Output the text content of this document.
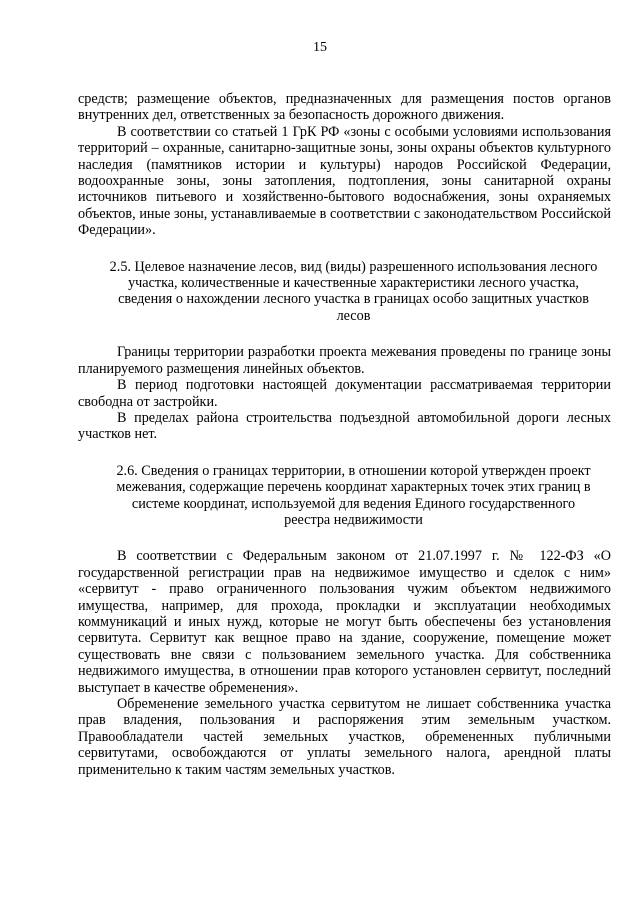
15

средств; размещение объектов, предназначенных для размещения постов органов внутренних дел, ответственных за безопасность дорожного движения.

В соответствии со статьей 1 ГрК РФ «зоны с особыми условиями использования территорий – охранные, санитарно-защитные зоны, зоны охраны объектов культурного наследия (памятников истории и культуры) народов Российской Федерации, водоохранные зоны, зоны затопления, подтопления, зоны санитарной охраны источников питьевого и хозяйственно-бытового водоснабжения, зоны охраняемых объектов, иные зоны, устанавливаемые в соответствии с законодательством Российской Федерации».

2.5. Целевое назначение лесов, вид (виды) разрешенного использования лесного участка, количественные и качественные характеристики лесного участка, сведения о нахождении лесного участка в границах особо защитных участков лесов

Границы территории разработки проекта межевания проведены по границе зоны планируемого размещения линейных объектов.

В период подготовки настоящей документации рассматриваемая территории свободна от застройки.

В пределах района строительства подъездной автомобильной дороги лесных участков нет.

2.6. Сведения о границах территории, в отношении которой утвержден проект межевания, содержащие перечень координат характерных точек этих границ в системе координат, используемой для ведения Единого государственного реестра недвижимости

В соответствии с Федеральным законом от 21.07.1997 г. № 122-ФЗ «О государственной регистрации прав на недвижимое имущество и сделок с ним» «сервитут - право ограниченного пользования чужим объектом недвижимого имущества, например, для прохода, прокладки и эксплуатации необходимых коммуникаций и иных нужд, которые не могут быть обеспечены без установления сервитута. Сервитут как вещное право на здание, сооружение, помещение может существовать вне связи с пользованием земельного участка. Для собственника недвижимого имущества, в отношении прав которого установлен сервитут, последний выступает в качестве обременения».

Обременение земельного участка сервитутом не лишает собственника участка прав владения, пользования и распоряжения этим земельным участком. Правообладатели частей земельных участков, обремененных публичными сервитутами, освобождаются от уплаты земельного налога, арендной платы применительно к таким частям земельных участков.
